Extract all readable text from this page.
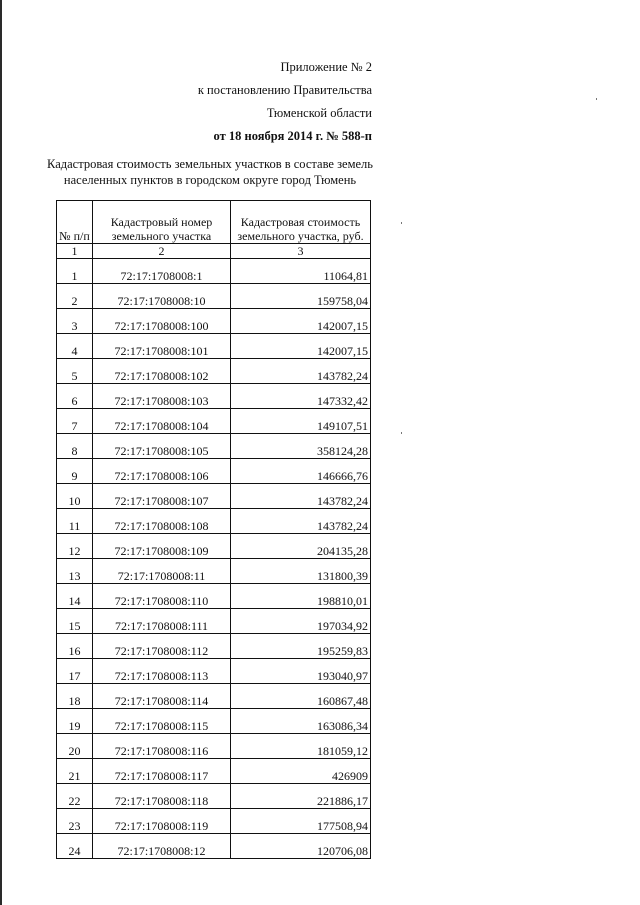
Приложение № 2
к постановлению Правительства
Тюменской области
от 18 ноября 2014 г. № 588-п
Кадастровая стоимость земельных участков в составе земель
населенных пунктов в городском округе город Тюмень
№ п/п	Кадастровый номер земельного участка	Кадастровая стоимость земельного участка, руб.
1	2	3
1	72:17:1708008:1	11064,81
2	72:17:1708008:10	159758,04
3	72:17:1708008:100	142007,15
4	72:17:1708008:101	142007,15
5	72:17:1708008:102	143782,24
6	72:17:1708008:103	147332,42
7	72:17:1708008:104	149107,51
8	72:17:1708008:105	358124,28
9	72:17:1708008:106	146666,76
10	72:17:1708008:107	143782,24
11	72:17:1708008:108	143782,24
12	72:17:1708008:109	204135,28
13	72:17:1708008:11	131800,39
14	72:17:1708008:110	198810,01
15	72:17:1708008:111	197034,92
16	72:17:1708008:112	195259,83
17	72:17:1708008:113	193040,97
18	72:17:1708008:114	160867,48
19	72:17:1708008:115	163086,34
20	72:17:1708008:116	181059,12
21	72:17:1708008:117	426909
22	72:17:1708008:118	221886,17
23	72:17:1708008:119	177508,94
24	72:17:1708008:12	120706,08
